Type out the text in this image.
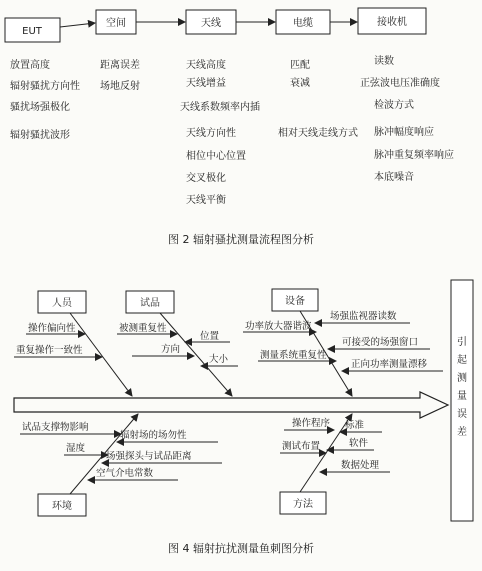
EUT
空间	天线	电缆	接收机
放置高度
辐射骚扰方向性
骚扰场强极化
辐射骚扰波形
距离误差
场地反射
天线高度
天线增益
天线系数频率内插
天线方向性
相位中心位置
交叉极化
天线平衡
匹配
衰减
相对天线走线方式
读数
正弦波电压准确度
检波方式
脉冲幅度响应
脉冲重复频率响应
本底噪音
图 2 辐射骚扰测量流程图分析
引
起
测
量
误
差
人员	试品	设备
环境	方法
操作偏向性
重复操作一致性
被测重复性
位置
方向
大小
功率放大器谐波
场强监视器读数
可接受的场强窗口
测量系统重复性
正向功率测量漂移
试品支撑物影响
辐射场的场勿性
湿度
场强探头与试品距离
空气介电常数
操作程序 标准
测试布置	软件
数据处理
图 4 辐射抗扰测量鱼刺图分析
